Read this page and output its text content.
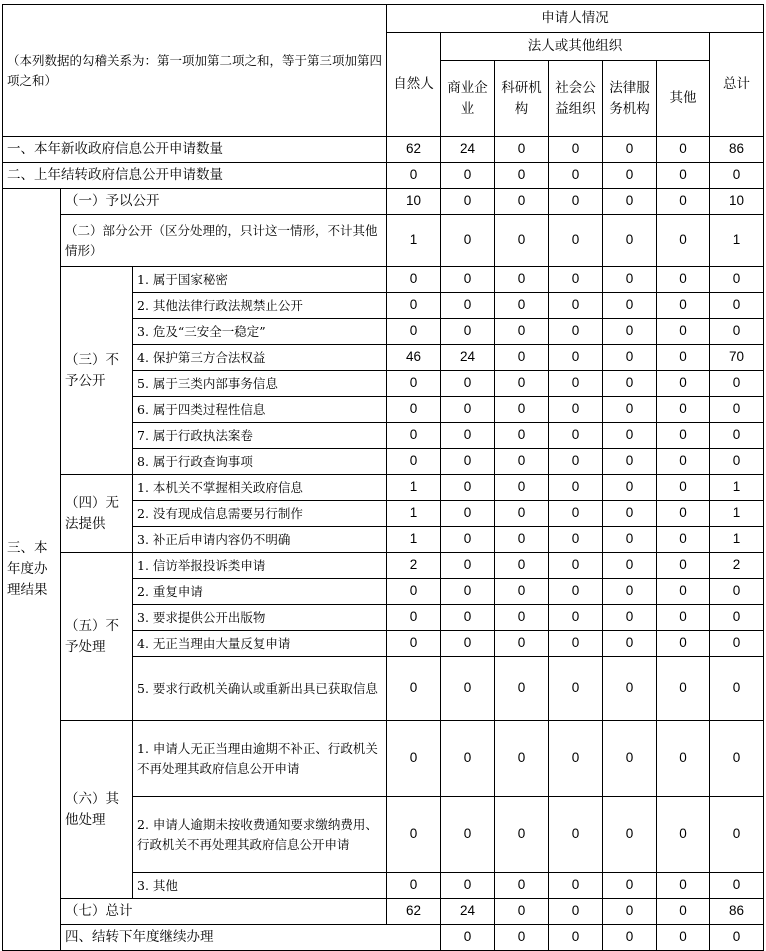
（本列数据的勾稽关系为：第一项加第二项之和，等于第三项加第四项之和）			申请人情况							
			自然人	法人或其他组织					总计	
				商业企业	科研机构	社会公益组织	法律服务机构	其他		
一、本年新收政府信息公开申请数量			62	24	0	0	0	0	86	
二、上年结转政府信息公开申请数量			0	0	0	0	0	0	0	
三、本年度办理结果	（一）予以公开		10	0	0	0	0	0	10	
	（二）部分公开（区分处理的，只计这一情形，不计其他情形）		1	0	0	0	0	0	1	
	（三）不予公开	1. 属于国家秘密	0	0	0	0	0	0	0	
		2. 其他法律行政法规禁止公开	0	0	0	0	0	0	0	
		3. 危及“三安全一稳定”	0	0	0	0	0	0	0	
		4. 保护第三方合法权益	46	24	0	0	0	0	70	
		5. 属于三类内部事务信息	0	0	0	0	0	0	0	
		6. 属于四类过程性信息	0	0	0	0	0	0	0	
		7. 属于行政执法案卷	0	0	0	0	0	0	0	
		8. 属于行政查询事项	0	0	0	0	0	0	0	
	（四）无法提供	1. 本机关不掌握相关政府信息	1	0	0	0	0	0	1	
		2. 没有现成信息需要另行制作	1	0	0	0	0	0	1	
		3. 补正后申请内容仍不明确	1	0	0	0	0	0	1	
	（五）不予处理	1. 信访举报投诉类申请	2	0	0	0	0	0	2	
		2. 重复申请	0	0	0	0	0	0	0	
		3. 要求提供公开出版物	0	0	0	0	0	0	0	
		4. 无正当理由大量反复申请	0	0	0	0	0	0	0	
		5. 要求行政机关确认或重新出具已获取信息	0	0	0	0	0	0	0	
	（六）其他处理	1. 申请人无正当理由逾期不补正、行政机关不再处理其政府信息公开申请	0	0	0	0	0	0	0	
		2. 申请人逾期未按收费通知要求缴纳费用、行政机关不再处理其政府信息公开申请	0	0	0	0	0	0	0	
		3. 其他	0	0	0	0	0	0	0	
	（七）总计		62	24	0	0	0	0	86	
	四、结转下年度继续办理			0	0	0	0	0	0	
